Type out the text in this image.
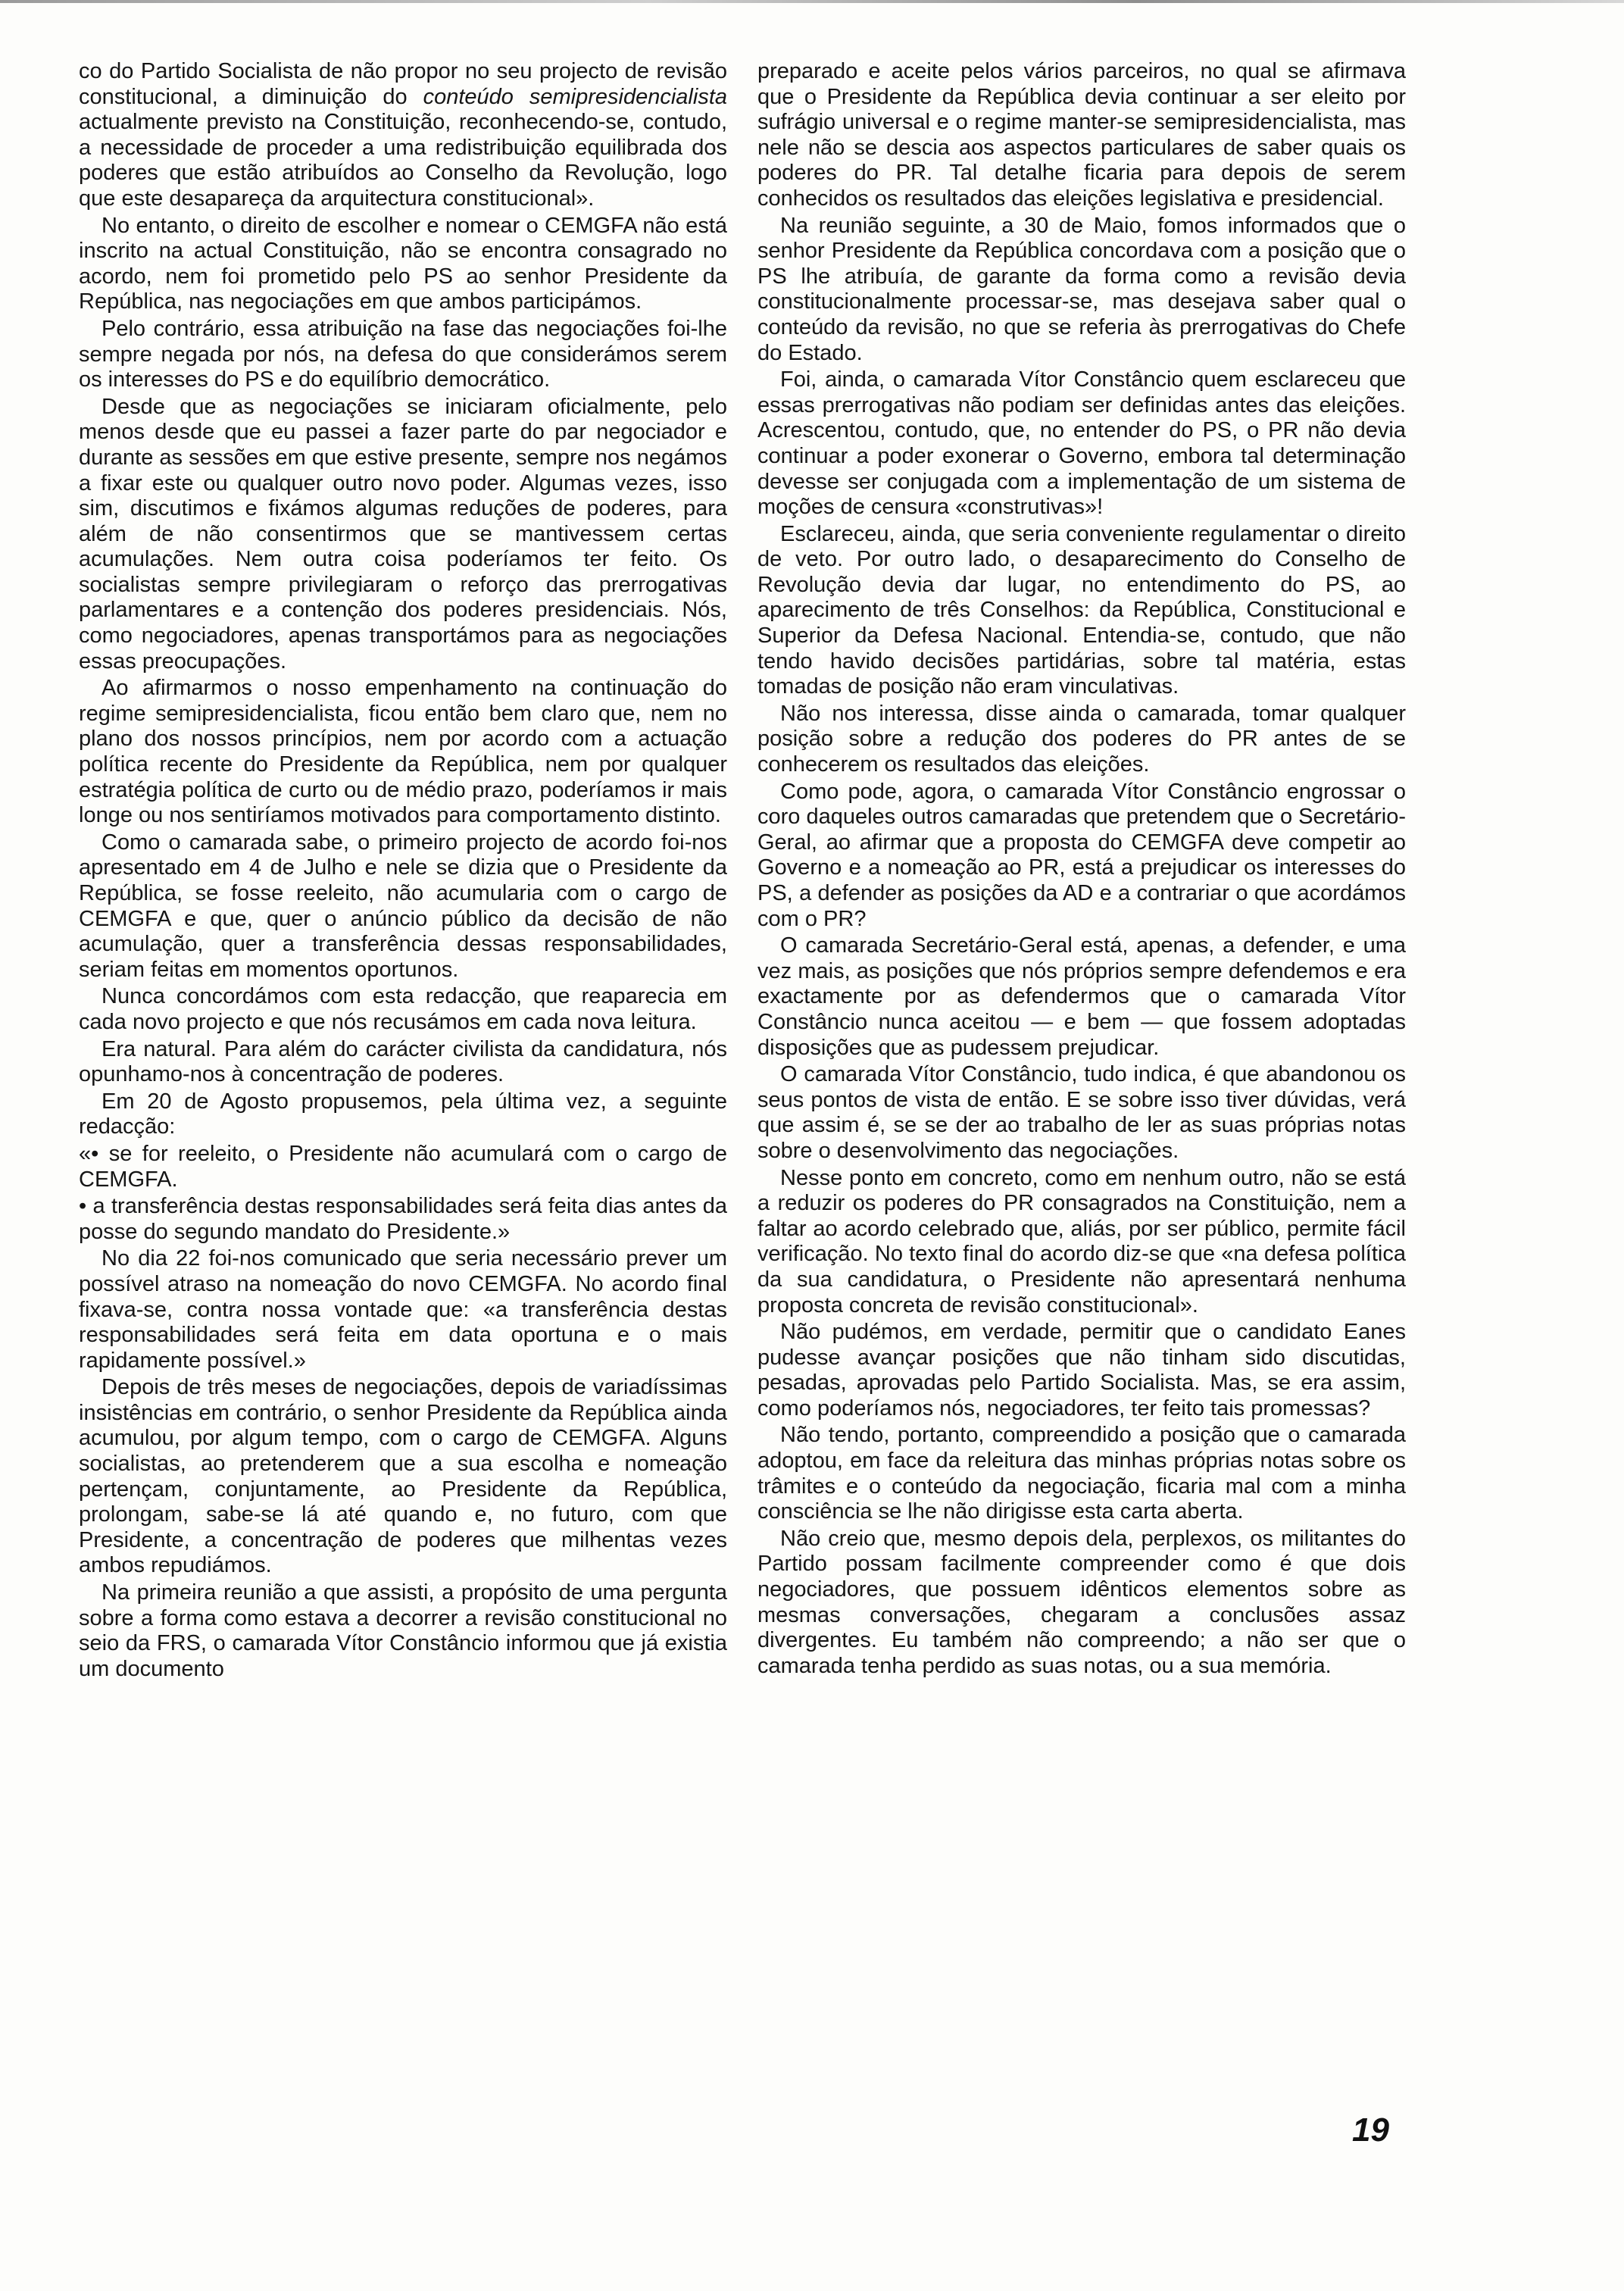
co do Partido Socialista de não propor no seu projecto de revisão constitucional, a diminuição do conteúdo semipresidencialista actualmente previsto na Constituição, reconhecendo-se, contudo, a necessidade de proceder a uma redistribuição equilibrada dos poderes que estão atribuídos ao Conselho da Revolução, logo que este desapareça da arquitectura constitucional».

No entanto, o direito de escolher e nomear o CEMGFA não está inscrito na actual Constituição, não se encontra consagrado no acordo, nem foi prometido pelo PS ao senhor Presidente da República, nas negociações em que ambos participámos.

Pelo contrário, essa atribuição na fase das negociações foi-lhe sempre negada por nós, na defesa do que considerámos serem os interesses do PS e do equilíbrio democrático.

Desde que as negociações se iniciaram oficialmente, pelo menos desde que eu passei a fazer parte do par negociador e durante as sessões em que estive presente, sempre nos negámos a fixar este ou qualquer outro novo poder. Algumas vezes, isso sim, discutimos e fixámos algumas reduções de poderes, para além de não consentirmos que se mantivessem certas acumulações. Nem outra coisa poderíamos ter feito. Os socialistas sempre privilegiaram o reforço das prerrogativas parlamentares e a contenção dos poderes presidenciais. Nós, como negociadores, apenas transportámos para as negociações essas preocupações.

Ao afirmarmos o nosso empenhamento na continuação do regime semipresidencialista, ficou então bem claro que, nem no plano dos nossos princípios, nem por acordo com a actuação política recente do Presidente da República, nem por qualquer estratégia política de curto ou de médio prazo, poderíamos ir mais longe ou nos sentiríamos motivados para comportamento distinto.

Como o camarada sabe, o primeiro projecto de acordo foi-nos apresentado em 4 de Julho e nele se dizia que o Presidente da República, se fosse reeleito, não acumularia com o cargo de CEMGFA e que, quer o anúncio público da decisão de não acumulação, quer a transferência dessas responsabilidades, seriam feitas em momentos oportunos.

Nunca concordámos com esta redacção, que reaparecia em cada novo projecto e que nós recusámos em cada nova leitura.

Era natural. Para além do carácter civilista da candidatura, nós opunhamo-nos à concentração de poderes.

Em 20 de Agosto propusemos, pela última vez, a seguinte redacção:

«• se for reeleito, o Presidente não acumulará com o cargo de CEMGFA.

• a transferência destas responsabilidades será feita dias antes da posse do segundo mandato do Presidente.»

No dia 22 foi-nos comunicado que seria necessário prever um possível atraso na nomeação do novo CEMGFA. No acordo final fixava-se, contra nossa vontade que: «a transferência destas responsabilidades será feita em data oportuna e o mais rapidamente possível.»

Depois de três meses de negociações, depois de variadíssimas insistências em contrário, o senhor Presidente da República ainda acumulou, por algum tempo, com o cargo de CEMGFA. Alguns socialistas, ao pretenderem que a sua escolha e nomeação pertençam, conjuntamente, ao Presidente da República, prolongam, sabe-se lá até quando e, no futuro, com que Presidente, a concentração de poderes que milhentas vezes ambos repudiámos.

Na primeira reunião a que assisti, a propósito de uma pergunta sobre a forma como estava a decorrer a revisão constitucional no seio da FRS, o camarada Vítor Constâncio informou que já existia um documento

preparado e aceite pelos vários parceiros, no qual se afirmava que o Presidente da República devia continuar a ser eleito por sufrágio universal e o regime manter-se semipresidencialista, mas nele não se descia aos aspectos particulares de saber quais os poderes do PR. Tal detalhe ficaria para depois de serem conhecidos os resultados das eleições legislativa e presidencial.

Na reunião seguinte, a 30 de Maio, fomos informados que o senhor Presidente da República concordava com a posição que o PS lhe atribuía, de garante da forma como a revisão devia constitucionalmente processar-se, mas desejava saber qual o conteúdo da revisão, no que se referia às prerrogativas do Chefe do Estado.

Foi, ainda, o camarada Vítor Constâncio quem esclareceu que essas prerrogativas não podiam ser definidas antes das eleições. Acrescentou, contudo, que, no entender do PS, o PR não devia continuar a poder exonerar o Governo, embora tal determinação devesse ser conjugada com a implementação de um sistema de moções de censura «construtivas»!

Esclareceu, ainda, que seria conveniente regulamentar o direito de veto. Por outro lado, o desaparecimento do Conselho de Revolução devia dar lugar, no entendimento do PS, ao aparecimento de três Conselhos: da República, Constitucional e Superior da Defesa Nacional. Entendia-se, contudo, que não tendo havido decisões partidárias, sobre tal matéria, estas tomadas de posição não eram vinculativas.

Não nos interessa, disse ainda o camarada, tomar qualquer posição sobre a redução dos poderes do PR antes de se conhecerem os resultados das eleições.

Como pode, agora, o camarada Vítor Constâncio engrossar o coro daqueles outros camaradas que pretendem que o Secretário-Geral, ao afirmar que a proposta do CEMGFA deve competir ao Governo e a nomeação ao PR, está a prejudicar os interesses do PS, a defender as posições da AD e a contrariar o que acordámos com o PR?

O camarada Secretário-Geral está, apenas, a defender, e uma vez mais, as posições que nós próprios sempre defendemos e era exactamente por as defendermos que o camarada Vítor Constâncio nunca aceitou — e bem — que fossem adoptadas disposições que as pudessem prejudicar.

O camarada Vítor Constâncio, tudo indica, é que abandonou os seus pontos de vista de então. E se sobre isso tiver dúvidas, verá que assim é, se se der ao trabalho de ler as suas próprias notas sobre o desenvolvimento das negociações.

Nesse ponto em concreto, como em nenhum outro, não se está a reduzir os poderes do PR consagrados na Constituição, nem a faltar ao acordo celebrado que, aliás, por ser público, permite fácil verificação. No texto final do acordo diz-se que «na defesa política da sua candidatura, o Presidente não apresentará nenhuma proposta concreta de revisão constitucional».

Não pudémos, em verdade, permitir que o candidato Eanes pudesse avançar posições que não tinham sido discutidas, pesadas, aprovadas pelo Partido Socialista. Mas, se era assim, como poderíamos nós, negociadores, ter feito tais promessas?

Não tendo, portanto, compreendido a posição que o camarada adoptou, em face da releitura das minhas próprias notas sobre os trâmites e o conteúdo da negociação, ficaria mal com a minha consciência se lhe não dirigisse esta carta aberta.

Não creio que, mesmo depois dela, perplexos, os militantes do Partido possam facilmente compreender como é que dois negociadores, que possuem idênticos elementos sobre as mesmas conversações, chegaram a conclusões assaz divergentes. Eu também não compreendo; a não ser que o camarada tenha perdido as suas notas, ou a sua memória.

19
